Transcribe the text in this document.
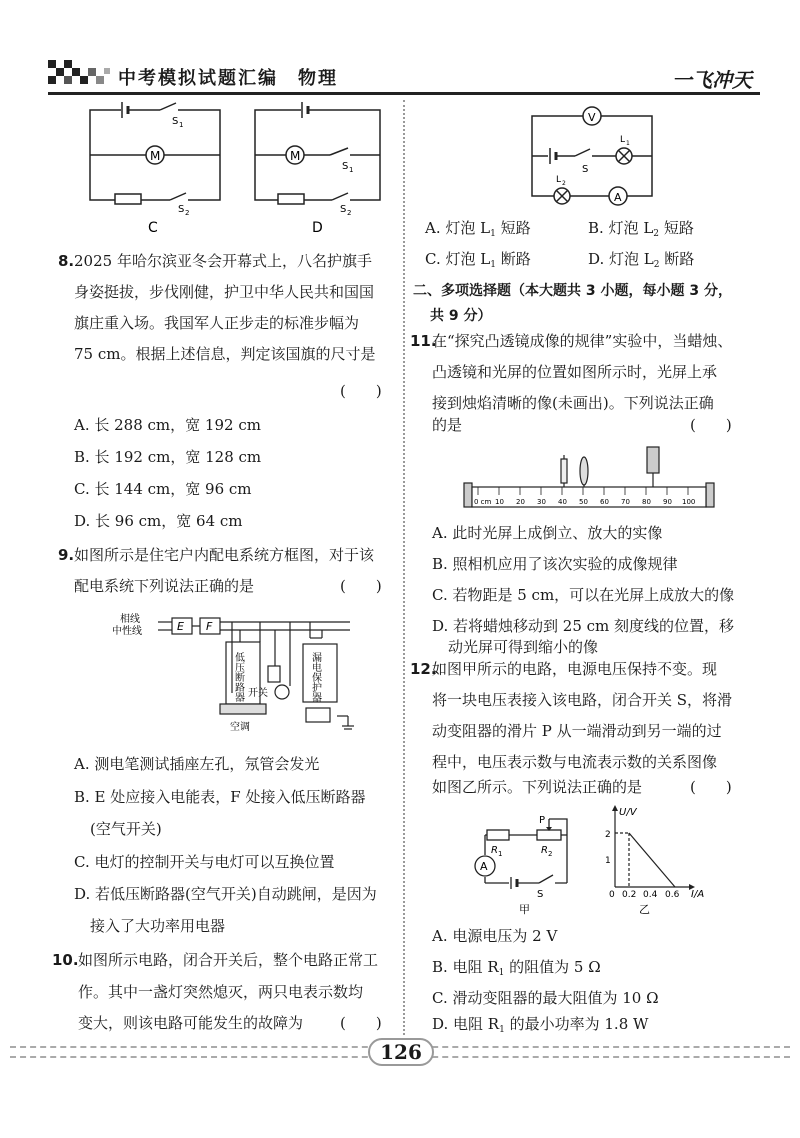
中考模拟试题汇编　物理	一飞冲天
M
S 1
S 2
C
M
S 1
S 2
D
8. 2025 年哈尔滨亚冬会开幕式上，八名护旗手
身姿挺拔，步伐刚健，护卫中华人民共和国国
旗庄重入场。我国军人正步走的标准步幅为
75 cm。根据上述信息，判定该国旗的尺寸是
(　　)
A. 长 288 cm，宽 192 cm
B. 长 192 cm，宽 128 cm
C. 长 144 cm，宽 96 cm
D. 长 96 cm，宽 64 cm
9. 如图所示是住宅户内配电系统方框图，对于该
配电系统下列说法正确的是	(　　)
相线
中性线	E F
低压断路器	漏电保护器
开关
空调
A. 测电笔测试插座左孔，氖管会发光
B. E 处应接入电能表，F 处接入低压断路器
(空气开关)
C. 电灯的控制开关与电灯可以互换位置
D. 若低压断路器(空气开关)自动跳闸，是因为
接入了大功率用电器
10. 如图所示电路，闭合开关后，整个电路正常工
作。其中一盏灯突然熄灭，两只电表示数均
变大，则该电路可能发生的故障为 (　　)
V
L 1
S
L 2
A
A. 灯泡 $L_1$ 短路	B. 灯泡 $L_2$ 短路
C. 灯泡 $L_1$ 断路	D. 灯泡 $L_2$ 断路
二、多项选择题（本大题共 3 小题，每小题 3 分，
共 9 分）
11.
在“探究凸透镜成像的规律”实验中，当蜡烛、
凸透镜和光屏的位置如图所示时，光屏上承
接到烛焰清晰的像(未画出)。下列说法正确
的是	(　　)
0 cm 10 20 30 40 50 60 70 80 90 100
A. 此时光屏上成倒立、放大的实像
B. 照相机应用了该次实验的成像规律
C. 若物距是 5 cm，可以在光屏上成放大的像
D. 若将蜡烛移动到 25 cm 刻度线的位置，移
动光屏可得到缩小的像
12.
如图甲所示的电路，电源电压保持不变。现
将一块电压表接入该电路，闭合开关 S，将滑
动变阻器的滑片 P 从一端滑动到另一端的过
程中，电压表示数与电流表示数的关系图像
如图乙所示。下列说法正确的是	(　　)
R 1	R 2
P
A
S
甲
U/V
2
1
0 0.2 0.4 0.6 I/A
乙
A. 电源电压为 2 V
B. 电阻 $R_1$ 的阻值为 5 Ω
C. 滑动变阻器的最大阻值为 10 Ω
D. 电阻 $R_1$ 的最小功率为 1.8 W
126
